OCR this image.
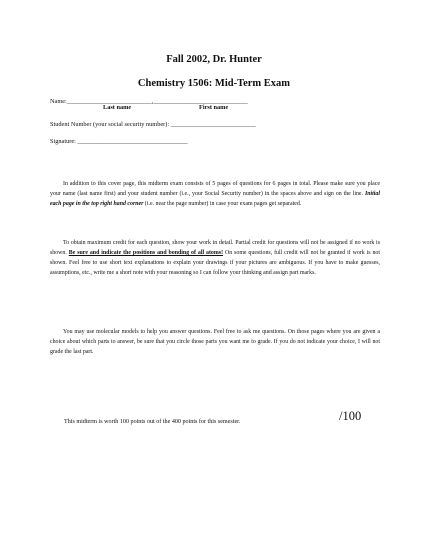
Fall 2002, Dr. Hunter
Chemistry 1506: Mid-Term Exam
Name:___________________________,______________________________
Last name	First name
Student Number (your social security number): ___________________________
Signature: ___________________________________
In addition to this cover page, this midterm exam consists of 5 pages of questions for 6 pages in total. Please make sure you place your name (last name first) and your student number (i.e., your Social Security number) in the spaces above and sign on the line. Initial each page in the top right hand corner (i.e. near the page number) in case your exam pages get separated.
To obtain maximum credit for each question, show your work in detail. Partial credit for questions will not be assigned if no work is shown. Be sure and indicate the positions and bonding of all atoms! On some questions, full credit will not be granted if work is not shown. Feel free to use short text explanations to explain your drawings if your pictures are ambiguous. If you have to make guesses, assumptions, etc., write me a short note with your reasoning so I can follow your thinking and assign part marks.
You may use molecular models to help you answer questions. Feel free to ask me questions. On those pages where you are given a choice about which parts to answer, be sure that you circle those parts you want me to grade. If you do not indicate your choice, I will not grade the last part.
This midterm is worth 100 points out of the 400 points for this semester.	/100
